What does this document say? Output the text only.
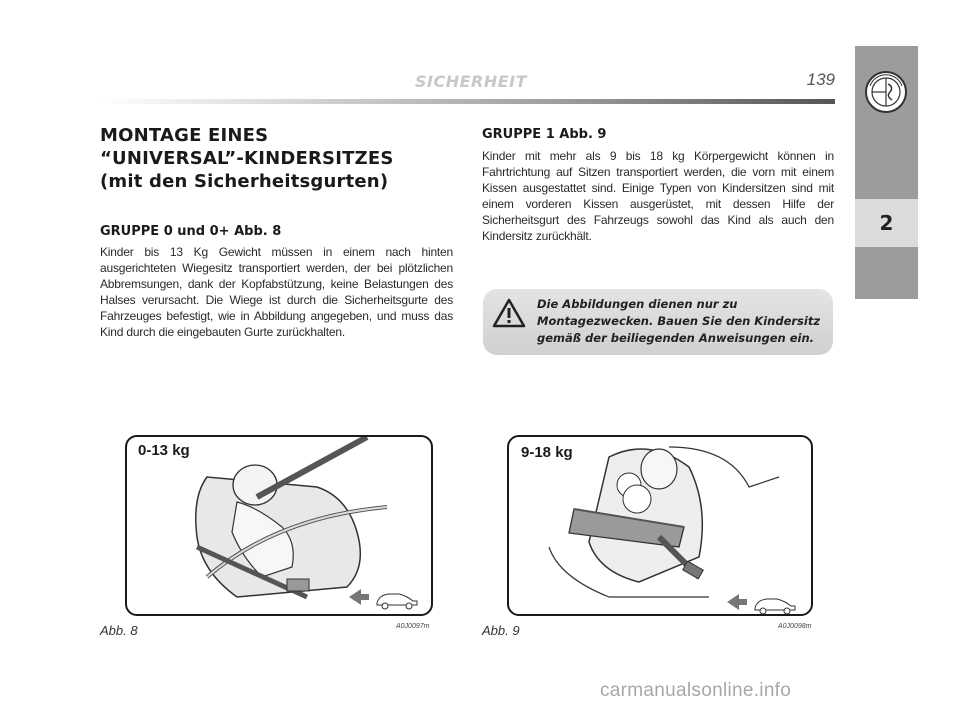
SICHERHEIT	139
2
MONTAGE EINES
“UNIVERSAL”-KINDERSITZES
(mit den Sicherheitsgurten)
GRUPPE 0 und 0+ Abb. 8
Kinder bis 13 Kg Gewicht müssen in einem nach hinten ausgerichteten Wiegesitz transportiert werden, der bei plötzlichen Abbremsungen, dank der Kopfabstützung, keine Belastungen des Halses verursacht. Die Wiege ist durch die Sicherheitsgurte des Fahrzeuges befestigt, wie in Abbildung angegeben, und muss das Kind durch die eingebauten Gurte zurückhalten.
GRUPPE 1 Abb. 9
Kinder mit mehr als 9 bis 18 kg Körpergewicht können in Fahrtrichtung auf Sitzen transportiert werden, die vorn mit einem Kissen ausgestattet sind. Einige Typen von Kindersitzen sind mit einem vorderen Kissen ausgerüstet, mit dessen Hilfe der Sicherheitsgurt des Fahrzeugs sowohl das Kind als auch den Kindersitz zurückhält.
Die Abbildungen dienen nur zu Montagezwecken. Bauen Sie den Kindersitz gemäß der beiliegenden Anweisungen ein.
0-13 kg
Abb. 8	A0J0097m
9-18 kg
Abb. 9	A0J0098m
carmanualsonline.info
